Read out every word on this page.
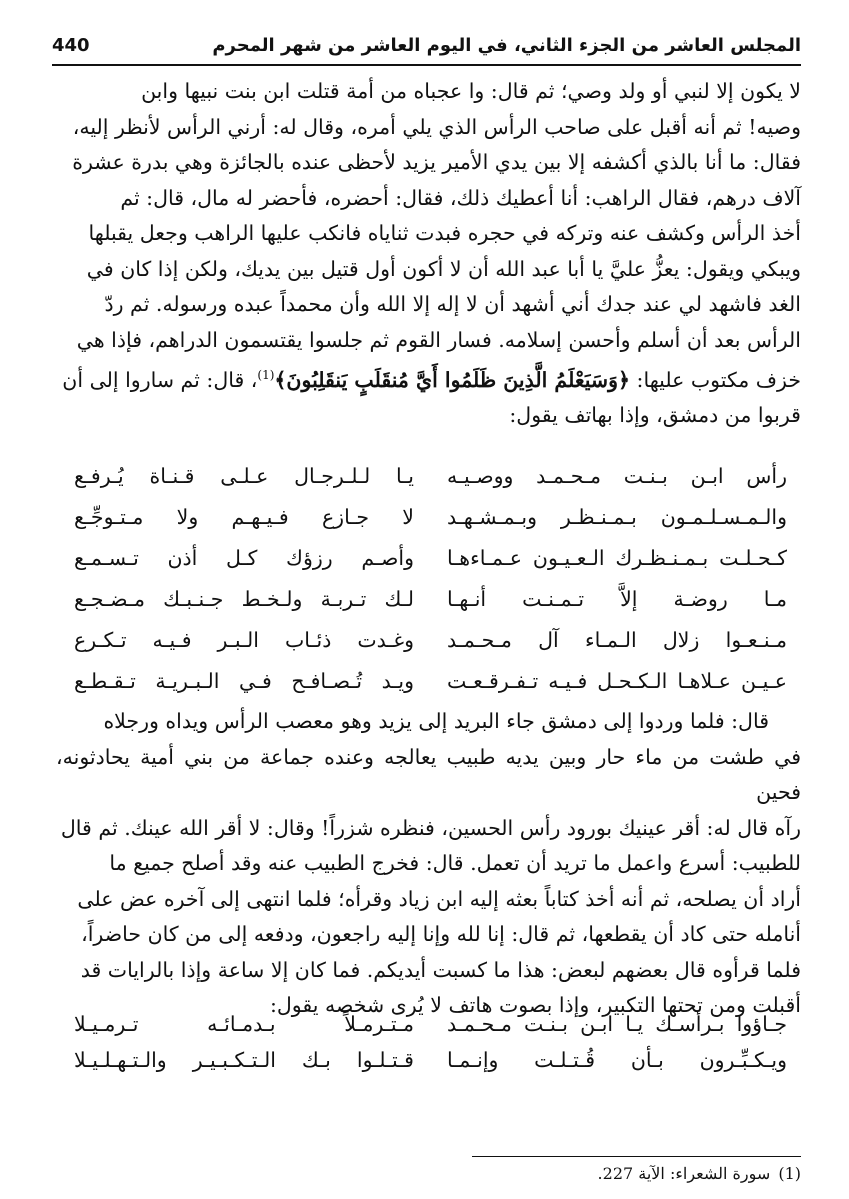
المجلس العاشر من الجزء الثاني، في اليوم العاشر من شهر المحرم
440
لا يكون إلا لنبي أو ولد وصي؛ ثم قال: وا عجباه من أمة قتلت ابن بنت نبيها وابن
وصيه! ثم أنه أقبل على صاحب الرأس الذي يلي أمره، وقال له: أرني الرأس لأنظر إليه،
فقال: ما أنا بالذي أكشفه إلا بين يدي الأمير يزيد لأحظى عنده بالجائزة وهي بدرة عشرة
آلاف درهم، فقال الراهب: أنا أعطيك ذلك، فقال: أحضره، فأحضر له مال، قال: ثم
أخذ الرأس وكشف عنه وتركه في حجره فبدت ثناياه فانكب عليها الراهب وجعل يقبلها
ويبكي ويقول: يعزُّ عليَّ يا أبا عبد الله أن لا أكون أول قتيل بين يديك، ولكن إذا كان في
الغد فاشهد لي عند جدك أني أشهد أن لا إله إلا الله وأن محمداً عبده ورسوله. ثم ردّ
الرأس بعد أن أسلم وأحسن إسلامه. فسار القوم ثم جلسوا يقتسمون الدراهم، فإذا هي
خزف مكتوب عليها: ﴿وَسَيَعْلَمُ الَّذِينَ ظَلَمُوا أَيَّ مُنقَلَبٍ يَنقَلِبُونَ﴾$^{(1)}$، قال: ثم ساروا إلى أن
قربوا من دمشق، وإذا بهاتف يقول:
رأس ابـن بـنـت مـحـمـد ووصـيـه
يـا لـلـرجـال عـلـى قـنـاة يُـرفـع
والـمـسـلـمـون بـمـنـظـر وبـمـشـهـد
لا جـازع فـيـهـم ولا مـتـوجِّـع
كـحـلـت بـمـنـظـرك الـعـيـون عـمـاءهـا
وأصـم رزؤك كـل أذن تـسـمـع
مـا روضـة إلاَّ تـمـنـت أنـهـا
لـك تـربـة ولـخـط جـنـبـك مـضـجـع
مـنـعـوا زلال الـمـاء آل مـحـمـد
وغـدت ذئـاب الـبـر فـيـه تـكـرع
عـيـن عـلاهـا الـكـحـل فـيـه تـفـرقـعـت
ويـد تُـصـافـح فـي الـبـريـة تـقـطـع
قال: فلما وردوا إلى دمشق جاء البريد إلى يزيد وهو معصب الرأس ويداه ورجلاه
في طشت من ماء حار وبين يديه طبيب يعالجه وعنده جماعة من بني أمية يحادثونه، فحين
رآه قال له: أقر عينيك بورود رأس الحسين، فنظره شزراً! وقال: لا أقر الله عينك. ثم قال
للطبيب: أسرع واعمل ما تريد أن تعمل. قال: فخرج الطبيب عنه وقد أصلح جميع ما
أراد أن يصلحه، ثم أنه أخذ كتاباً بعثه إليه ابن زياد وقرأه؛ فلما انتهى إلى آخره عض على
أنامله حتى كاد أن يقطعها، ثم قال: إنا لله وإنا إليه راجعون، ودفعه إلى من كان حاضراً،
فلما قرأوه قال بعضهم لبعض: هذا ما كسبت أيديكم. فما كان إلا ساعة وإذا بالرايات قد
أقبلت ومن تحتها التكبير، وإذا بصوت هاتف لا يُرى شخصه يقول:
جـاؤوا بـرأسـك يـا ابـن بـنـت مـحـمـد
مـتـرمـلاً بـدمـائـه تـرمـيـلا
ويـكـبِّـرون بـأن قُـتـلـت وإنـمـا
قـتـلـوا بـك الـتـكـبـيـر والـتـهـلـيـلا
(1)سورة الشعراء: الآية 227.
